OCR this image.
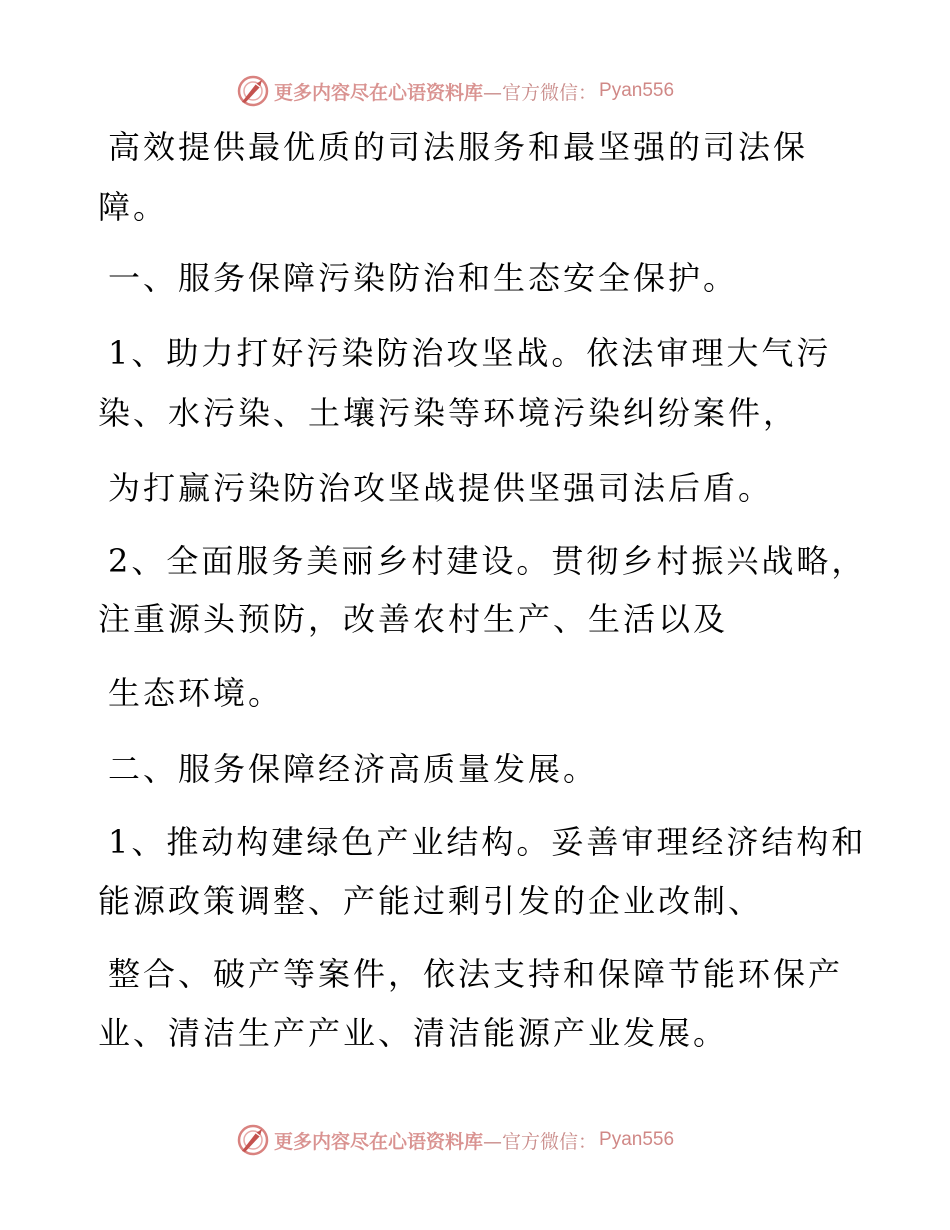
更多内容尽在心语资料库 —官方微信： Pyan556
高效提供最优质的司法服务和最坚强的司法保
障。
一、服务保障污染防治和生态安全保护。
1、助力打好污染防治攻坚战。依法审理大气污
染、水污染、土壤污染等环境污染纠纷案件，
为打赢污染防治攻坚战提供坚强司法后盾。
2、全面服务美丽乡村建设。贯彻乡村振兴战略，
注重源头预防，改善农村生产、生活以及
生态环境。
二、服务保障经济高质量发展。
1、推动构建绿色产业结构。妥善审理经济结构和
能源政策调整、产能过剩引发的企业改制、
整合、破产等案件，依法支持和保障节能环保产
业、清洁生产产业、清洁能源产业发展。
更多内容尽在心语资料库 —官方微信： Pyan556
